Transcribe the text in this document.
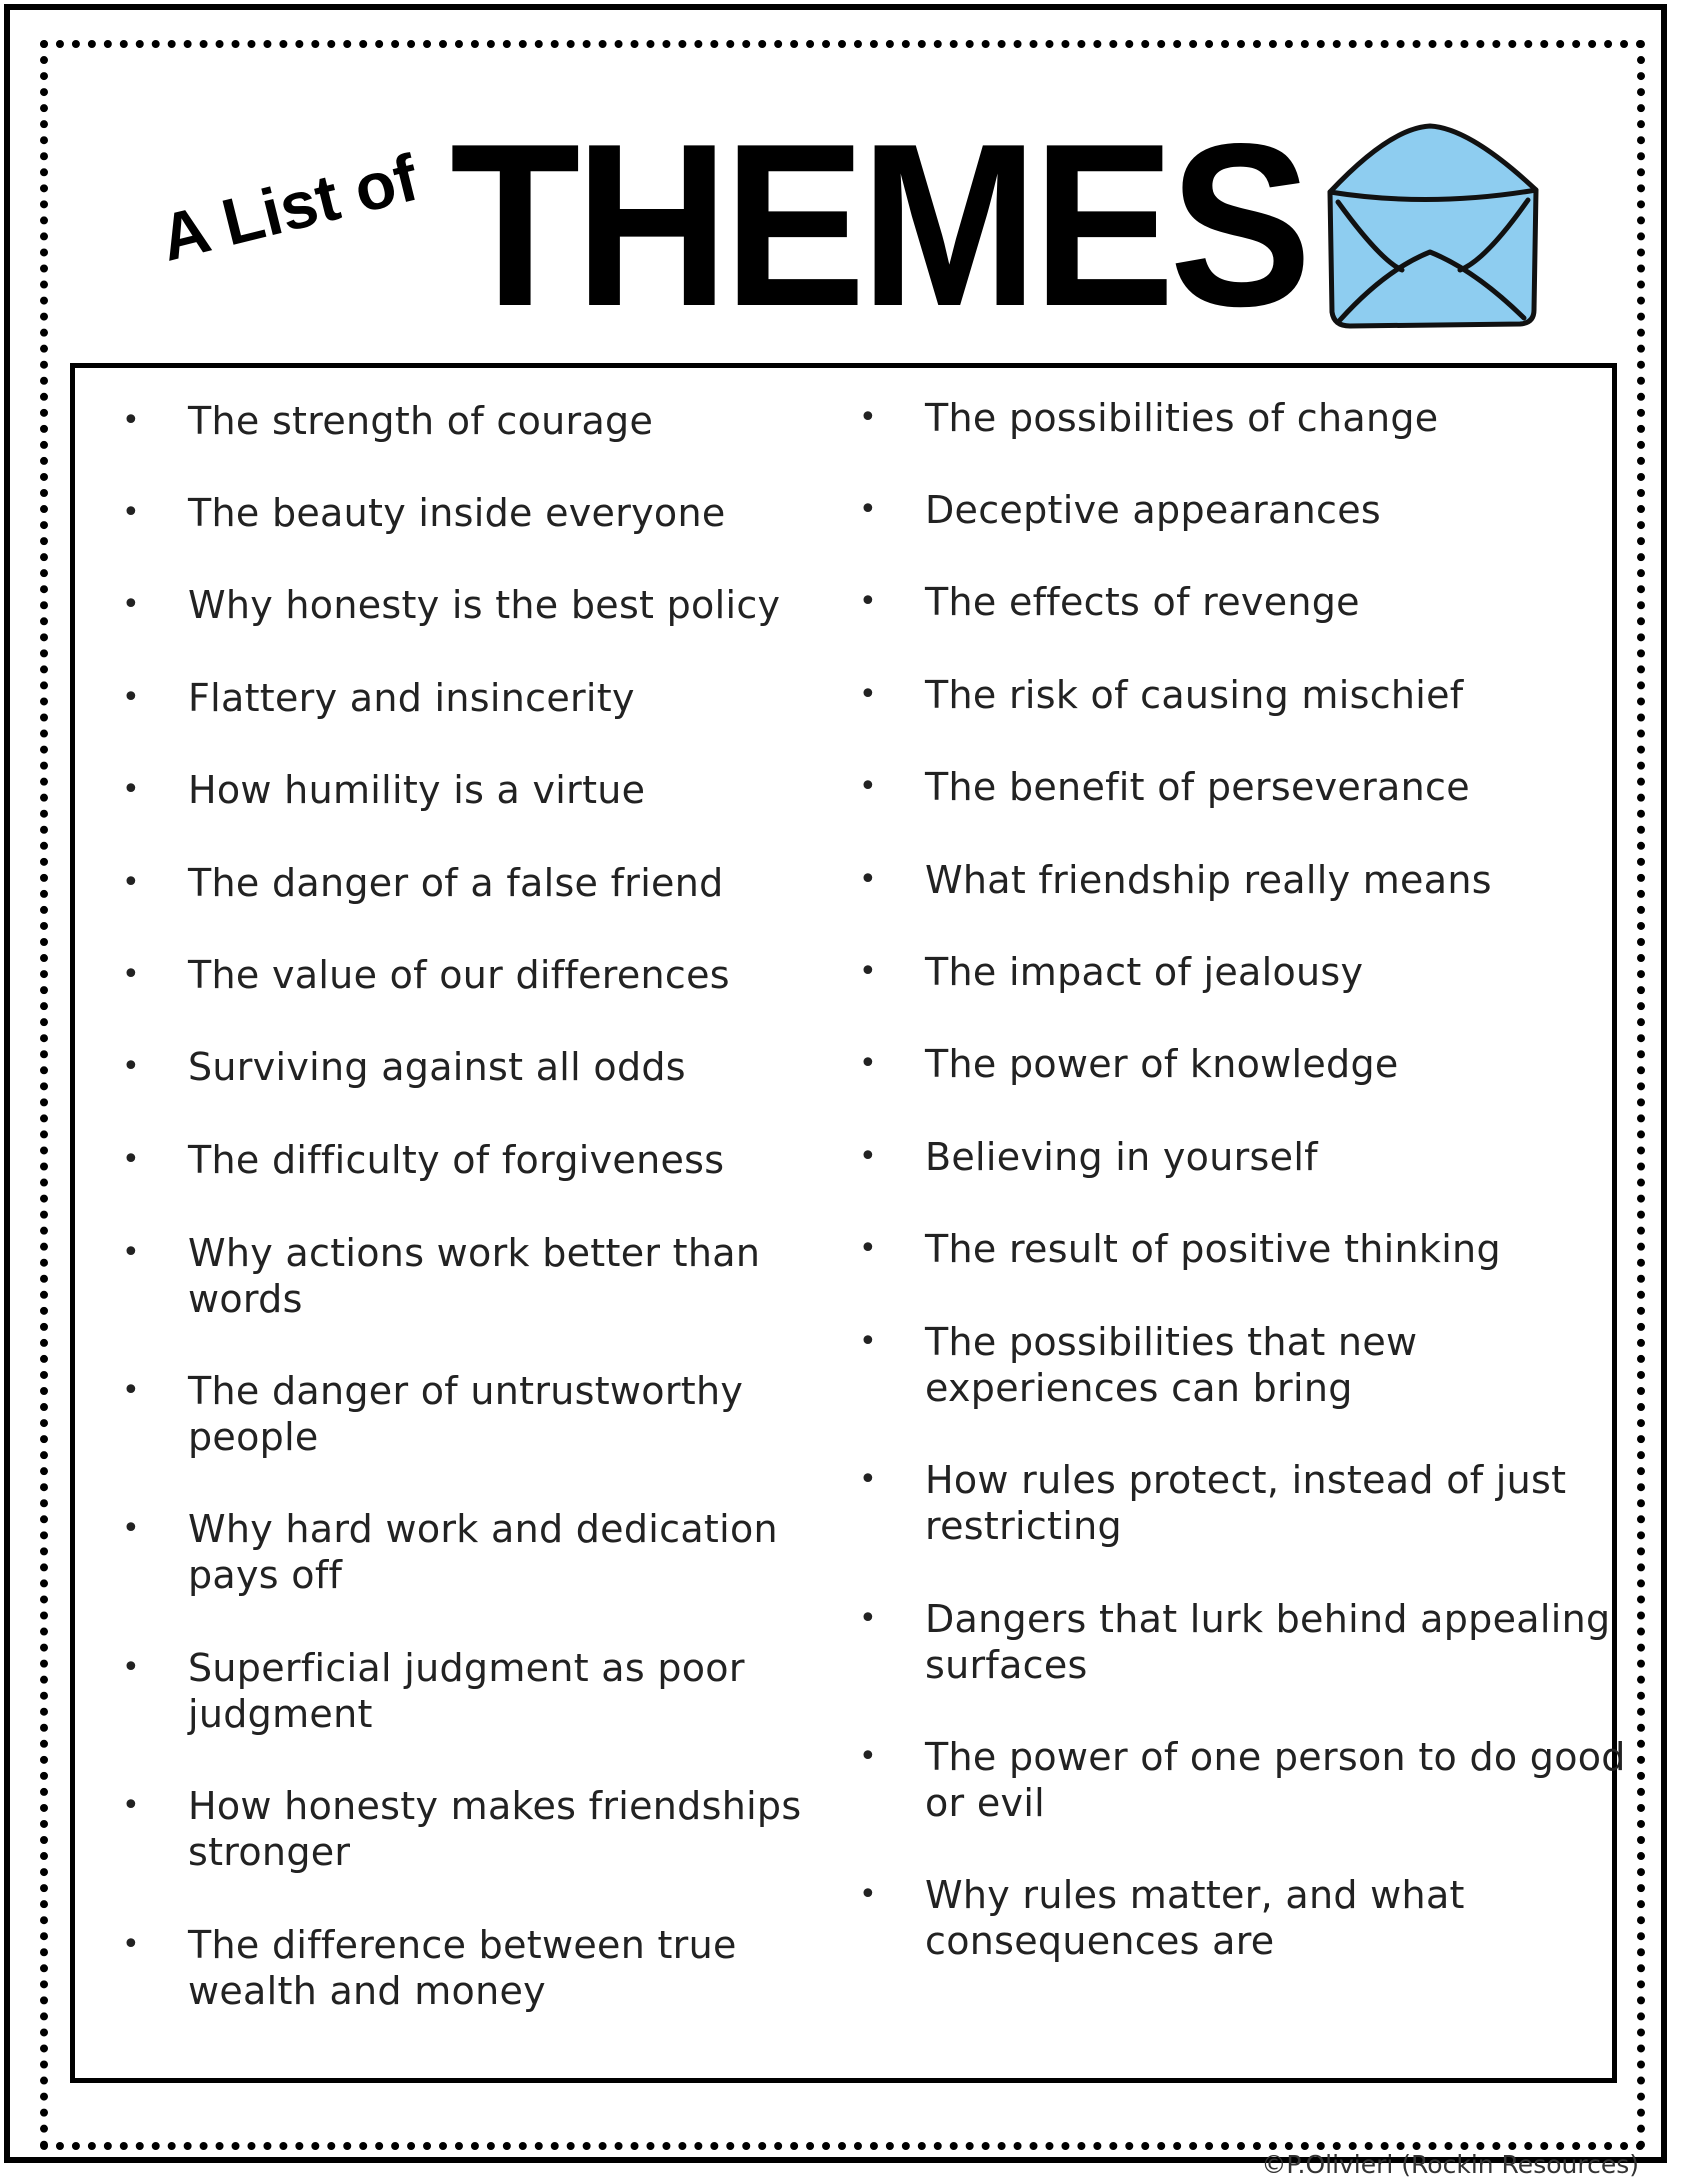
A List of THEMES
• The strength of courage
• The beauty inside everyone
• Why honesty is the best policy
• Flattery and insincerity
• How humility is a virtue
• The danger of a false friend
• The value of our differences
• Surviving against all odds
• The difficulty of forgiveness
• Why actions work better than words
• The danger of untrustworthy people
• Why hard work and dedication pays off
• Superficial judgment as poor judgment
• How honesty makes friendships stronger
• The difference between true wealth and money
• The possibilities of change
• Deceptive appearances
• The effects of revenge
• The risk of causing mischief
• The benefit of perseverance
• What friendship really means
• The impact of jealousy
• The power of knowledge
• Believing in yourself
• The result of positive thinking
• The possibilities that new experiences can bring
• How rules protect, instead of just restricting
• Dangers that lurk behind appealing surfaces
• The power of one person to do good or evil
• Why rules matter, and what consequences are
©P.Olivieri (Rockin Resources)
